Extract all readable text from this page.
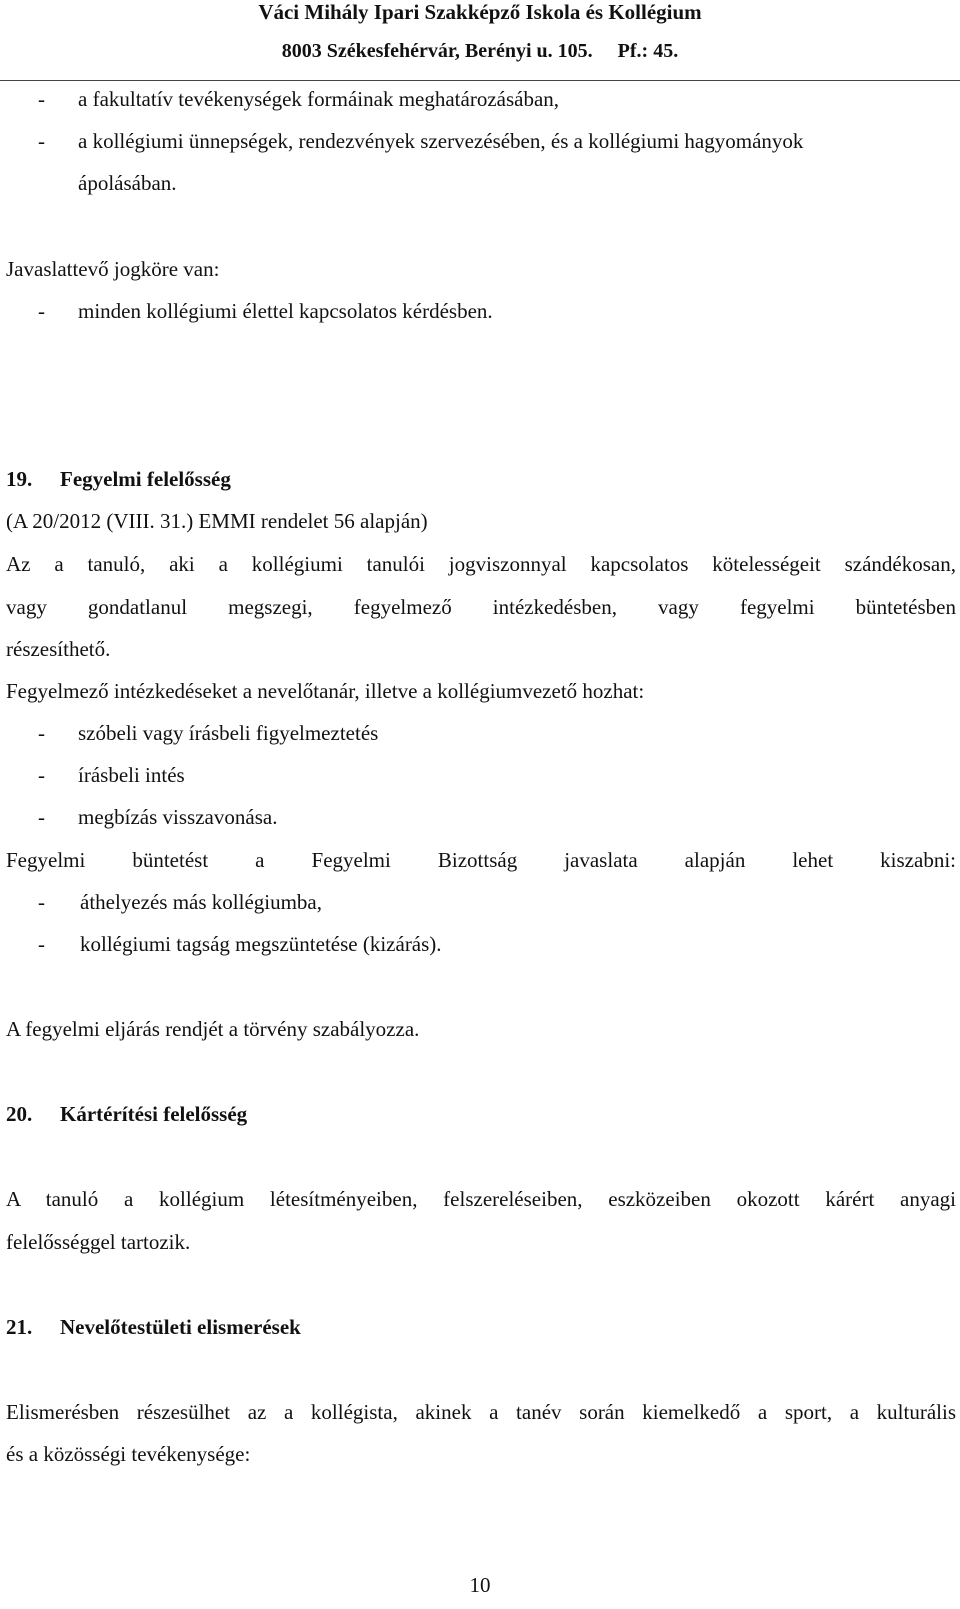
Váci Mihály Ipari Szakképző Iskola és Kollégium
8003 Székesfehérvár, Berényi u. 105. Pf.: 45.
- a fakultatív tevékenységek formáinak meghatározásában,
- a kollégiumi ünnepségek, rendezvények szervezésében, és a kollégiumi hagyományok
ápolásában.
Javaslattevő jogköre van:
- minden kollégiumi élettel kapcsolatos kérdésben.
19. Fegyelmi felelősség
(A 20/2012 (VIII. 31.) EMMI rendelet 56 alapján)
Az a tanuló, aki a kollégiumi tanulói jogviszonnyal kapcsolatos kötelességeit szándékosan,
vagy gondatlanul megszegi, fegyelmező intézkedésben, vagy fegyelmi büntetésben
részesíthető.
Fegyelmező intézkedéseket a nevelőtanár, illetve a kollégiumvezető hozhat:
- szóbeli vagy írásbeli figyelmeztetés
- írásbeli intés
- megbízás visszavonása.
Fegyelmi büntetést a Fegyelmi Bizottság javaslata alapján lehet kiszabni:
- áthelyezés más kollégiumba,
- kollégiumi tagság megszüntetése (kizárás).
A fegyelmi eljárás rendjét a törvény szabályozza.
20. Kártérítési felelősség
A tanuló a kollégium létesítményeiben, felszereléseiben, eszközeiben okozott kárért anyagi
felelősséggel tartozik.
21. Nevelőtestületi elismerések
Elismerésben részesülhet az a kollégista, akinek a tanév során kiemelkedő a sport, a kulturális
és a közösségi tevékenysége:
10
